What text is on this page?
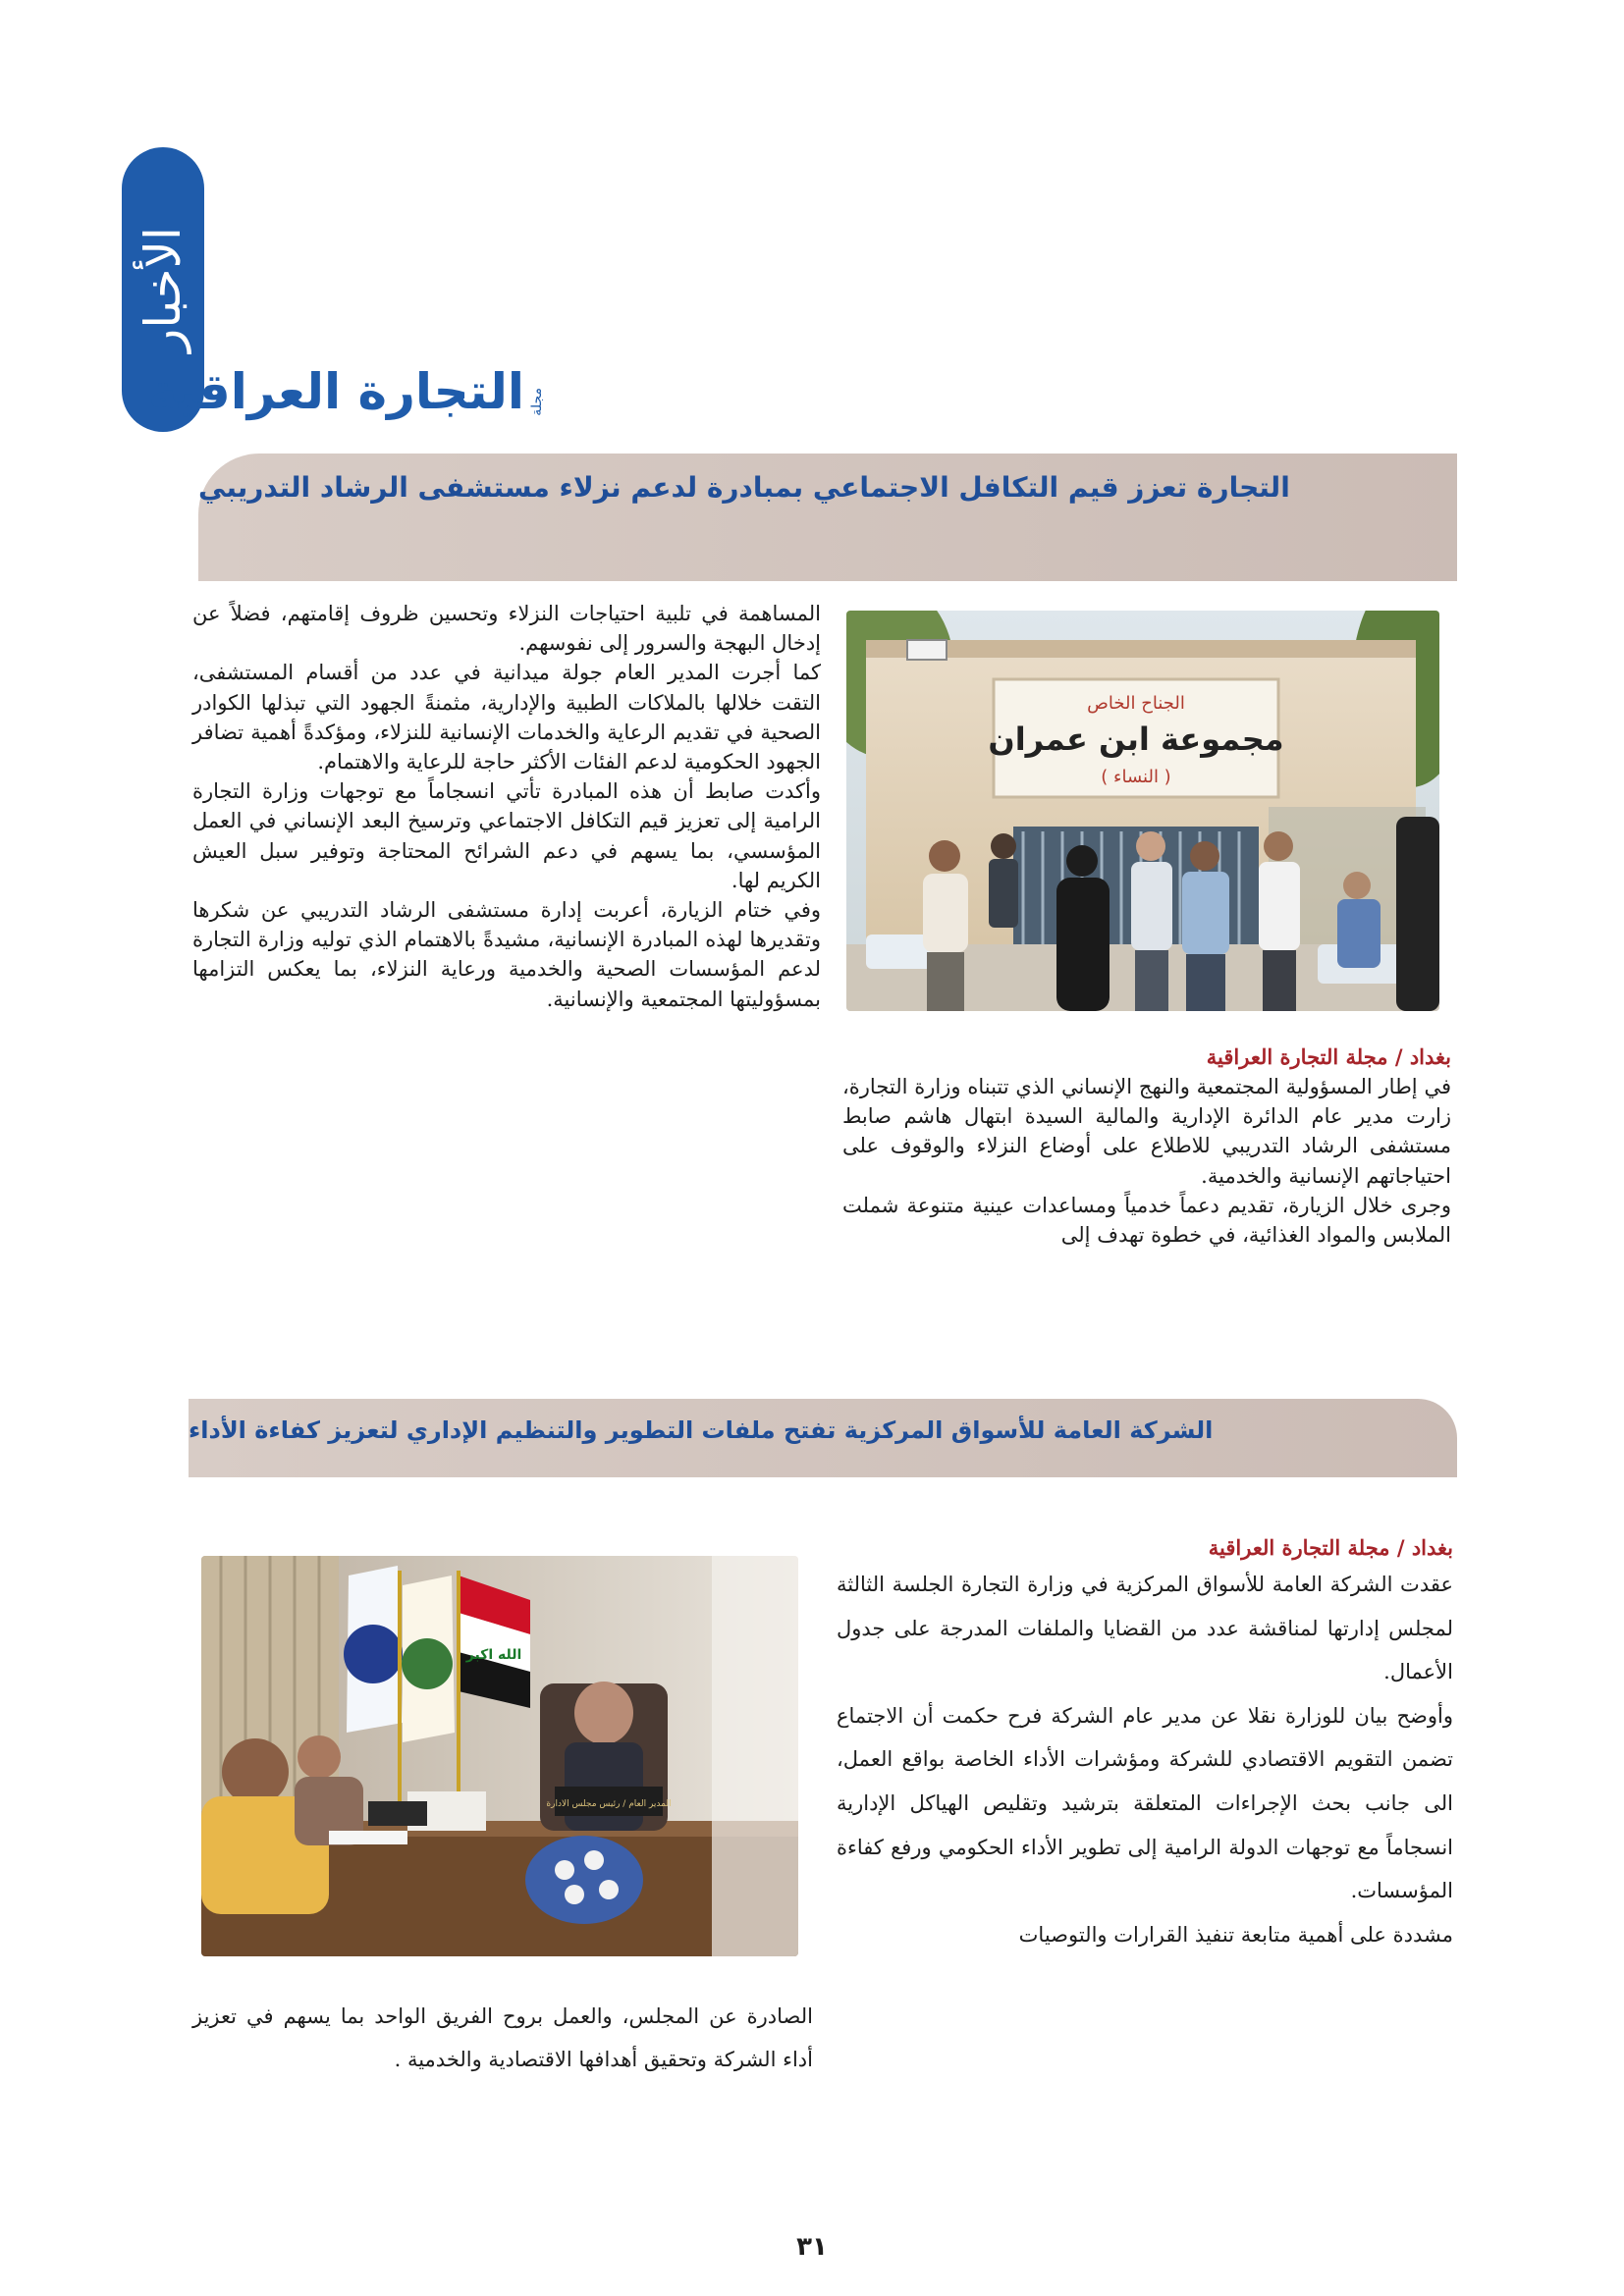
الأخبار
مجلة
التجارة العراقية
التجارة تعزز قيم التكافل الاجتماعي بمبادرة لدعم نزلاء مستشفى الرشاد التدريبي
الجناح الخاص
مجموعة ابن عمران
( النساء )

بغداد / مجلة التجارة العراقية

في إطار المسؤولية المجتمعية والنهج الإنساني الذي تتبناه وزارة التجارة، زارت مدير عام الدائرة الإدارية والمالية السيدة ابتهال هاشم صابط مستشفى الرشاد التدريبي للاطلاع على أوضاع النزلاء والوقوف على احتياجاتهم الإنسانية والخدمية.

وجرى خلال الزيارة، تقديم دعماً خدمياً ومساعدات عينية متنوعة شملت الملابس والمواد الغذائية، في خطوة تهدف إلى

المساهمة في تلبية احتياجات النزلاء وتحسين ظروف إقامتهم، فضلاً عن إدخال البهجة والسرور إلى نفوسهم.

كما أجرت المدير العام جولة ميدانية في عدد من أقسام المستشفى، التقت خلالها بالملاكات الطبية والإدارية، مثمنةً الجهود التي تبذلها الكوادر الصحية في تقديم الرعاية والخدمات الإنسانية للنزلاء، ومؤكدةً أهمية تضافر الجهود الحكومية لدعم الفئات الأكثر حاجة للرعاية والاهتمام.

وأكدت صابط أن هذه المبادرة تأتي انسجاماً مع توجهات وزارة التجارة الرامية إلى تعزيز قيم التكافل الاجتماعي وترسيخ البعد الإنساني في العمل المؤسسي، بما يسهم في دعم الشرائح المحتاجة وتوفير سبل العيش الكريم لها.

وفي ختام الزيارة، أعربت إدارة مستشفى الرشاد التدريبي عن شكرها وتقديرها لهذه المبادرة الإنسانية، مشيدةً بالاهتمام الذي توليه وزارة التجارة لدعم المؤسسات الصحية والخدمية ورعاية النزلاء، بما يعكس التزامها بمسؤوليتها المجتمعية والإنسانية.

الشركة العامة للأسواق المركزية تفتح ملفات التطوير والتنظيم الإداري لتعزيز كفاءة الأداء
الله اكبر
المدير العام / رئيس مجلس الادارة

بغداد / مجلة التجارة العراقية

عقدت الشركة العامة للأسواق المركزية في وزارة التجارة الجلسة الثالثة لمجلس إدارتها لمناقشة عدد من القضايا والملفات المدرجة على جدول الأعمال.

وأوضح بيان للوزارة نقلا عن مدير عام الشركة فرح حكمت أن الاجتماع تضمن التقويم الاقتصادي للشركة ومؤشرات الأداء الخاصة بواقع العمل، الى جانب بحث الإجراءات المتعلقة بترشيد وتقليص الهياكل الإدارية انسجاماً مع توجهات الدولة الرامية إلى تطوير الأداء الحكومي ورفع كفاءة المؤسسات.

مشددة على أهمية متابعة تنفيذ القرارات والتوصيات

الصادرة عن المجلس، والعمل بروح الفريق الواحد بما يسهم في تعزيز أداء الشركة وتحقيق أهدافها الاقتصادية والخدمية .

٣١
